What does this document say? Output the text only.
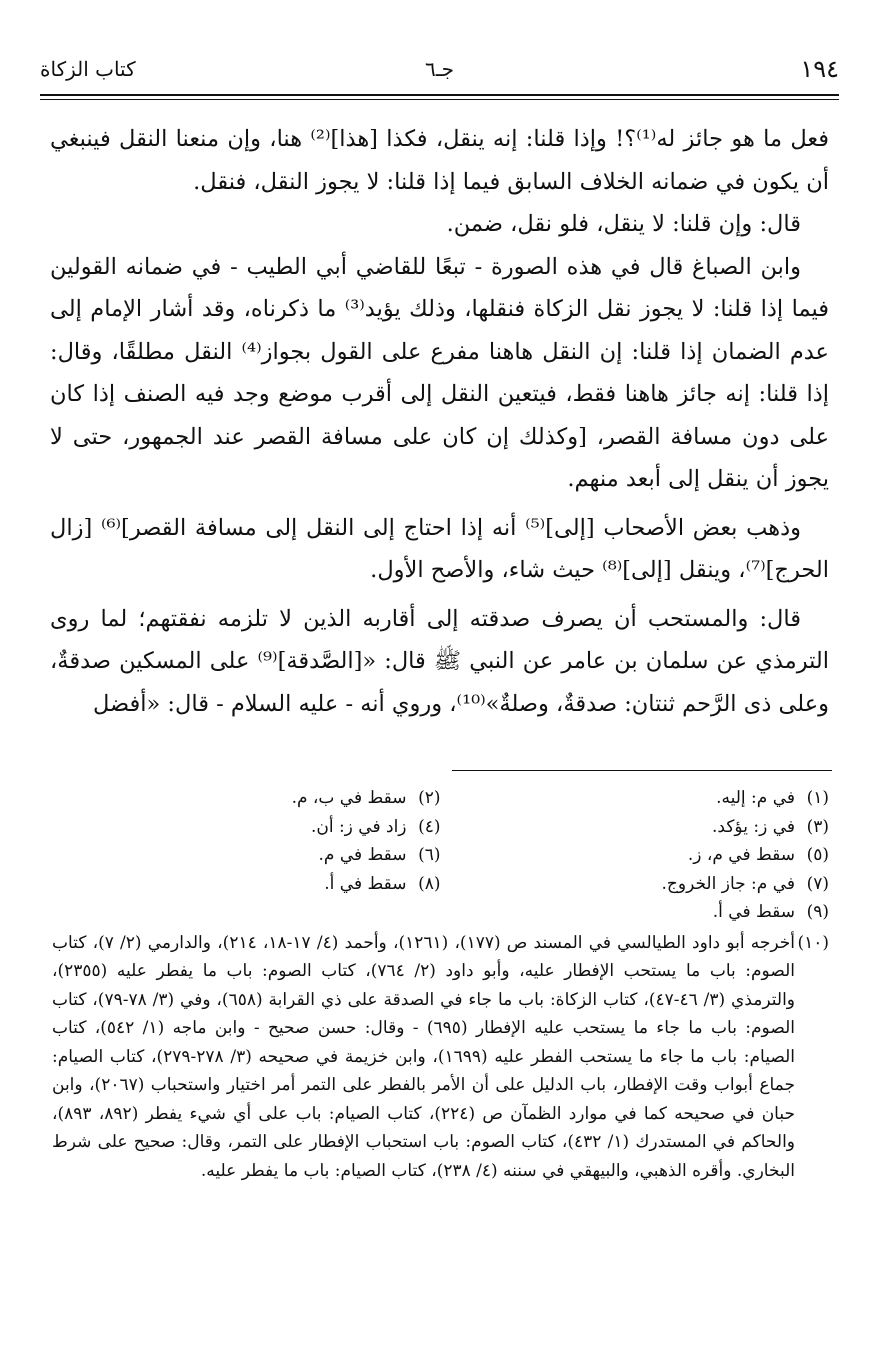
١٩٤
جـ٦
كتاب الزكاة

فعل ما هو جائز له⁽¹⁾؟! وإذا قلنا: إنه ينقل، فكذا [هذا]⁽²⁾ هنا، وإن منعنا النقل فينبغي أن يكون في ضمانه الخلاف السابق فيما إذا قلنا: لا يجوز النقل، فنقل.

قال: وإن قلنا: لا ينقل، فلو نقل، ضمن.

وابن الصباغ قال في هذه الصورة - تبعًا للقاضي أبي الطيب - في ضمانه القولين فيما إذا قلنا: لا يجوز نقل الزكاة فنقلها، وذلك يؤيد⁽³⁾ ما ذكرناه، وقد أشار الإمام إلى عدم الضمان إذا قلنا: إن النقل هاهنا مفرع على القول بجواز⁽⁴⁾ النقل مطلقًا، وقال: إذا قلنا: إنه جائز هاهنا فقط، فيتعين النقل إلى أقرب موضع وجد فيه الصنف إذا كان على دون مسافة القصر، [وكذلك إن كان على مسافة القصر عند الجمهور، حتى لا يجوز أن ينقل إلى أبعد منهم.

وذهب بعض الأصحاب [إلى]⁽⁵⁾ أنه إذا احتاج إلى النقل إلى مسافة القصر]⁽⁶⁾ [زال الحرج]⁽⁷⁾، وينقل [إلى]⁽⁸⁾ حيث شاء، والأصح الأول.

قال: والمستحب أن يصرف صدقته إلى أقاربه الذين لا تلزمه نفقتهم؛ لما روى الترمذي عن سلمان بن عامر عن النبي ﷺ قال: «[الصَّدقة]⁽⁹⁾ على المسكين صدقةٌ، وعلى ذى الرَّحم ثنتان: صدقةٌ، وصلةٌ»⁽¹⁰⁾، وروي أنه - عليه السلام - قال: «أفضل

(١)في م: إليه.
(٢)سقط في ب، م.
(٣)في ز: يؤكد.
(٤)زاد في ز: أن.
(٥)سقط في م، ز.
(٦)سقط في م.
(٧)في م: جاز الخروج.
(٨)سقط في أ.
(٩)سقط في أ.
(١٠)
أخرجه أبو داود الطيالسي في المسند ص (١٧٧)، (١٢٦١)، وأحمد (٤/ ١٧-١٨، ٢١٤)، والدارمي (٢/ ٧)، كتاب الصوم: باب ما يستحب الإفطار عليه، وأبو داود (٢/ ٧٦٤)، كتاب الصوم: باب ما يفطر عليه (٢٣٥٥)، والترمذي (٣/ ٤٦-٤٧)، كتاب الزكاة: باب ما جاء في الصدقة على ذي القرابة (٦٥٨)، وفي (٣/ ٧٨-٧٩)، كتاب الصوم: باب ما جاء ما يستحب عليه الإفطار (٦٩٥) - وقال: حسن صحيح - وابن ماجه (١/ ٥٤٢)، كتاب الصيام: باب ما جاء ما يستحب الفطر عليه (١٦٩٩)، وابن خزيمة في صحيحه (٣/ ٢٧٨-٢٧٩)، كتاب الصيام: جماع أبواب وقت الإفطار، باب الدليل على أن الأمر بالفطر على التمر أمر اختيار واستحباب (٢٠٦٧)، وابن حبان في صحيحه كما في موارد الظمآن ص (٢٢٤)، كتاب الصيام: باب على أي شيء يفطر (٨٩٢، ٨٩٣)، والحاكم في المستدرك (١/ ٤٣٢)، كتاب الصوم: باب استحباب الإفطار على التمر، وقال: صحيح على شرط البخاري. وأقره الذهبي، والبيهقي في سننه (٤/ ٢٣٨)، كتاب الصيام: باب ما يفطر عليه.
